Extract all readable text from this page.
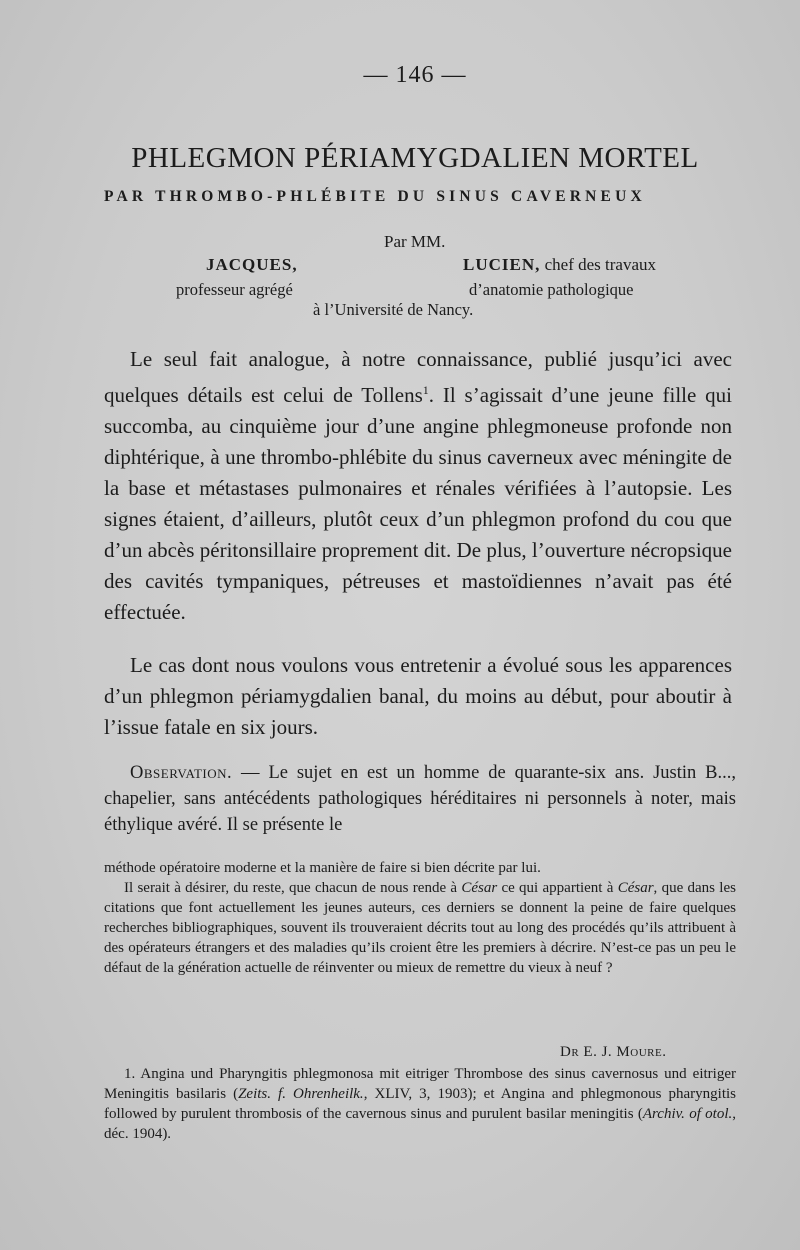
— 146 —
PHLEGMON PÉRIAMYGDALIEN MORTEL
PAR THROMBO-PHLÉBITE DU SINUS CAVERNEUX
Par MM.
JACQUES,	LUCIEN, chef des travaux
professeur agrégé	d’anatomie pathologique
à l’Université de Nancy.

Le seul fait analogue, à notre connaissance, publié jusqu’ici avec quelques détails est celui de Tollens$^1$. Il s’agissait d’une jeune fille qui succomba, au cinquième jour d’une angine phlegmoneuse profonde non diphtérique, à une thrombo-phlébite du sinus caverneux avec méningite de la base et métastases pulmonaires et rénales vérifiées à l’autopsie. Les signes étaient, d’ailleurs, plutôt ceux d’un phlegmon profond du cou que d’un abcès péritonsillaire proprement dit. De plus, l’ouverture nécropsique des cavités tympaniques, pétreuses et mastoïdiennes n’avait pas été effectuée.

Le cas dont nous voulons vous entretenir a évolué sous les apparences d’un phlegmon périamygdalien banal, du moins au début, pour aboutir à l’issue fatale en six jours.

Observation. — Le sujet en est un homme de quarante-six ans. Justin B..., chapelier, sans antécédents pathologiques héréditaires ni personnels à noter, mais éthylique avéré. Il se présente le

méthode opératoire moderne et la manière de faire si bien décrite par lui.

Il serait à désirer, du reste, que chacun de nous rende à César ce qui appartient à César, que dans les citations que font actuellement les jeunes auteurs, ces derniers se donnent la peine de faire quelques recherches bibliographiques, souvent ils trouveraient décrits tout au long des procédés qu’ils attribuent à des opérateurs étrangers et des maladies qu’ils croient être les premiers à décrire. N’est-ce pas un peu le défaut de la génération actuelle de réinventer ou mieux de remettre du vieux à neuf ?

Dr E. J. Moure.

1. Angina und Pharyngitis phlegmonosa mit eitriger Thrombose des sinus cavernosus und eitriger Meningitis basilaris (Zeits. f. Ohrenheilk., XLIV, 3, 1903); et Angina and phlegmonous pharyngitis followed by purulent thrombosis of the cavernous sinus and purulent basilar meningitis (Archiv. of otol., déc. 1904).
